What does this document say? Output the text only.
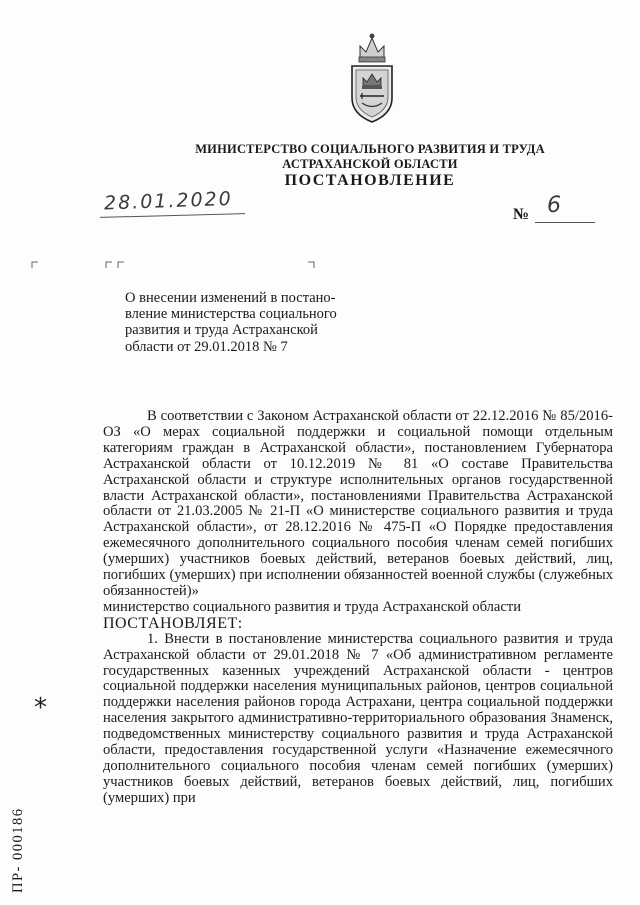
МИНИСТЕРСТВО СОЦИАЛЬНОГО РАЗВИТИЯ И ТРУДА
АСТРАХАНСКОЙ ОБЛАСТИ
ПОСТАНОВЛЕНИЕ
28.01.2020
№ 6
О внесении изменений в постано-
вление министерства социального
развития и труда Астраханской
области от 29.01.2018 № 7

В соответствии с Законом Астраханской области от 22.12.2016 № 85/2016-ОЗ «О мерах социальной поддержки и социальной помощи отдельным категориям граждан в Астраханской области», постановлением Губернатора Астраханской области от 10.12.2019 № 81 «О составе Правительства Астраханской области и структуре исполнительных органов государственной власти Астраханской области», постановлениями Правительства Астраханской области от 21.03.2005 № 21-П «О министерстве социального развития и труда Астраханской области», от 28.12.2016 № 475-П «О Порядке предоставления ежемесячного дополнительного социального пособия членам семей погибших (умерших) участников боевых действий, ветеранов боевых действий, лиц, погибших (умерших) при исполнении обязанностей военной службы (служебных обязанностей)»

министерство социального развития и труда Астраханской области

ПОСТАНОВЛЯЕТ:

1. Внести в постановление министерства социального развития и труда Астраханской области от 29.01.2018 № 7 «Об административном регламенте государственных казенных учреждений Астраханской области - центров социальной поддержки населения муниципальных районов, центров социальной поддержки населения районов города Астрахани, центра социальной поддержки населения закрытого административно-территориального образования Знаменск, подведомственных министерству социального развития и труда Астраханской области, предоставления государственной услуги «Назначение ежемесячного дополнительного социального пособия членам семей погибших (умерших) участников боевых действий, ветеранов боевых действий, лиц, погибших (умерших) при

*
ПР- 000186
